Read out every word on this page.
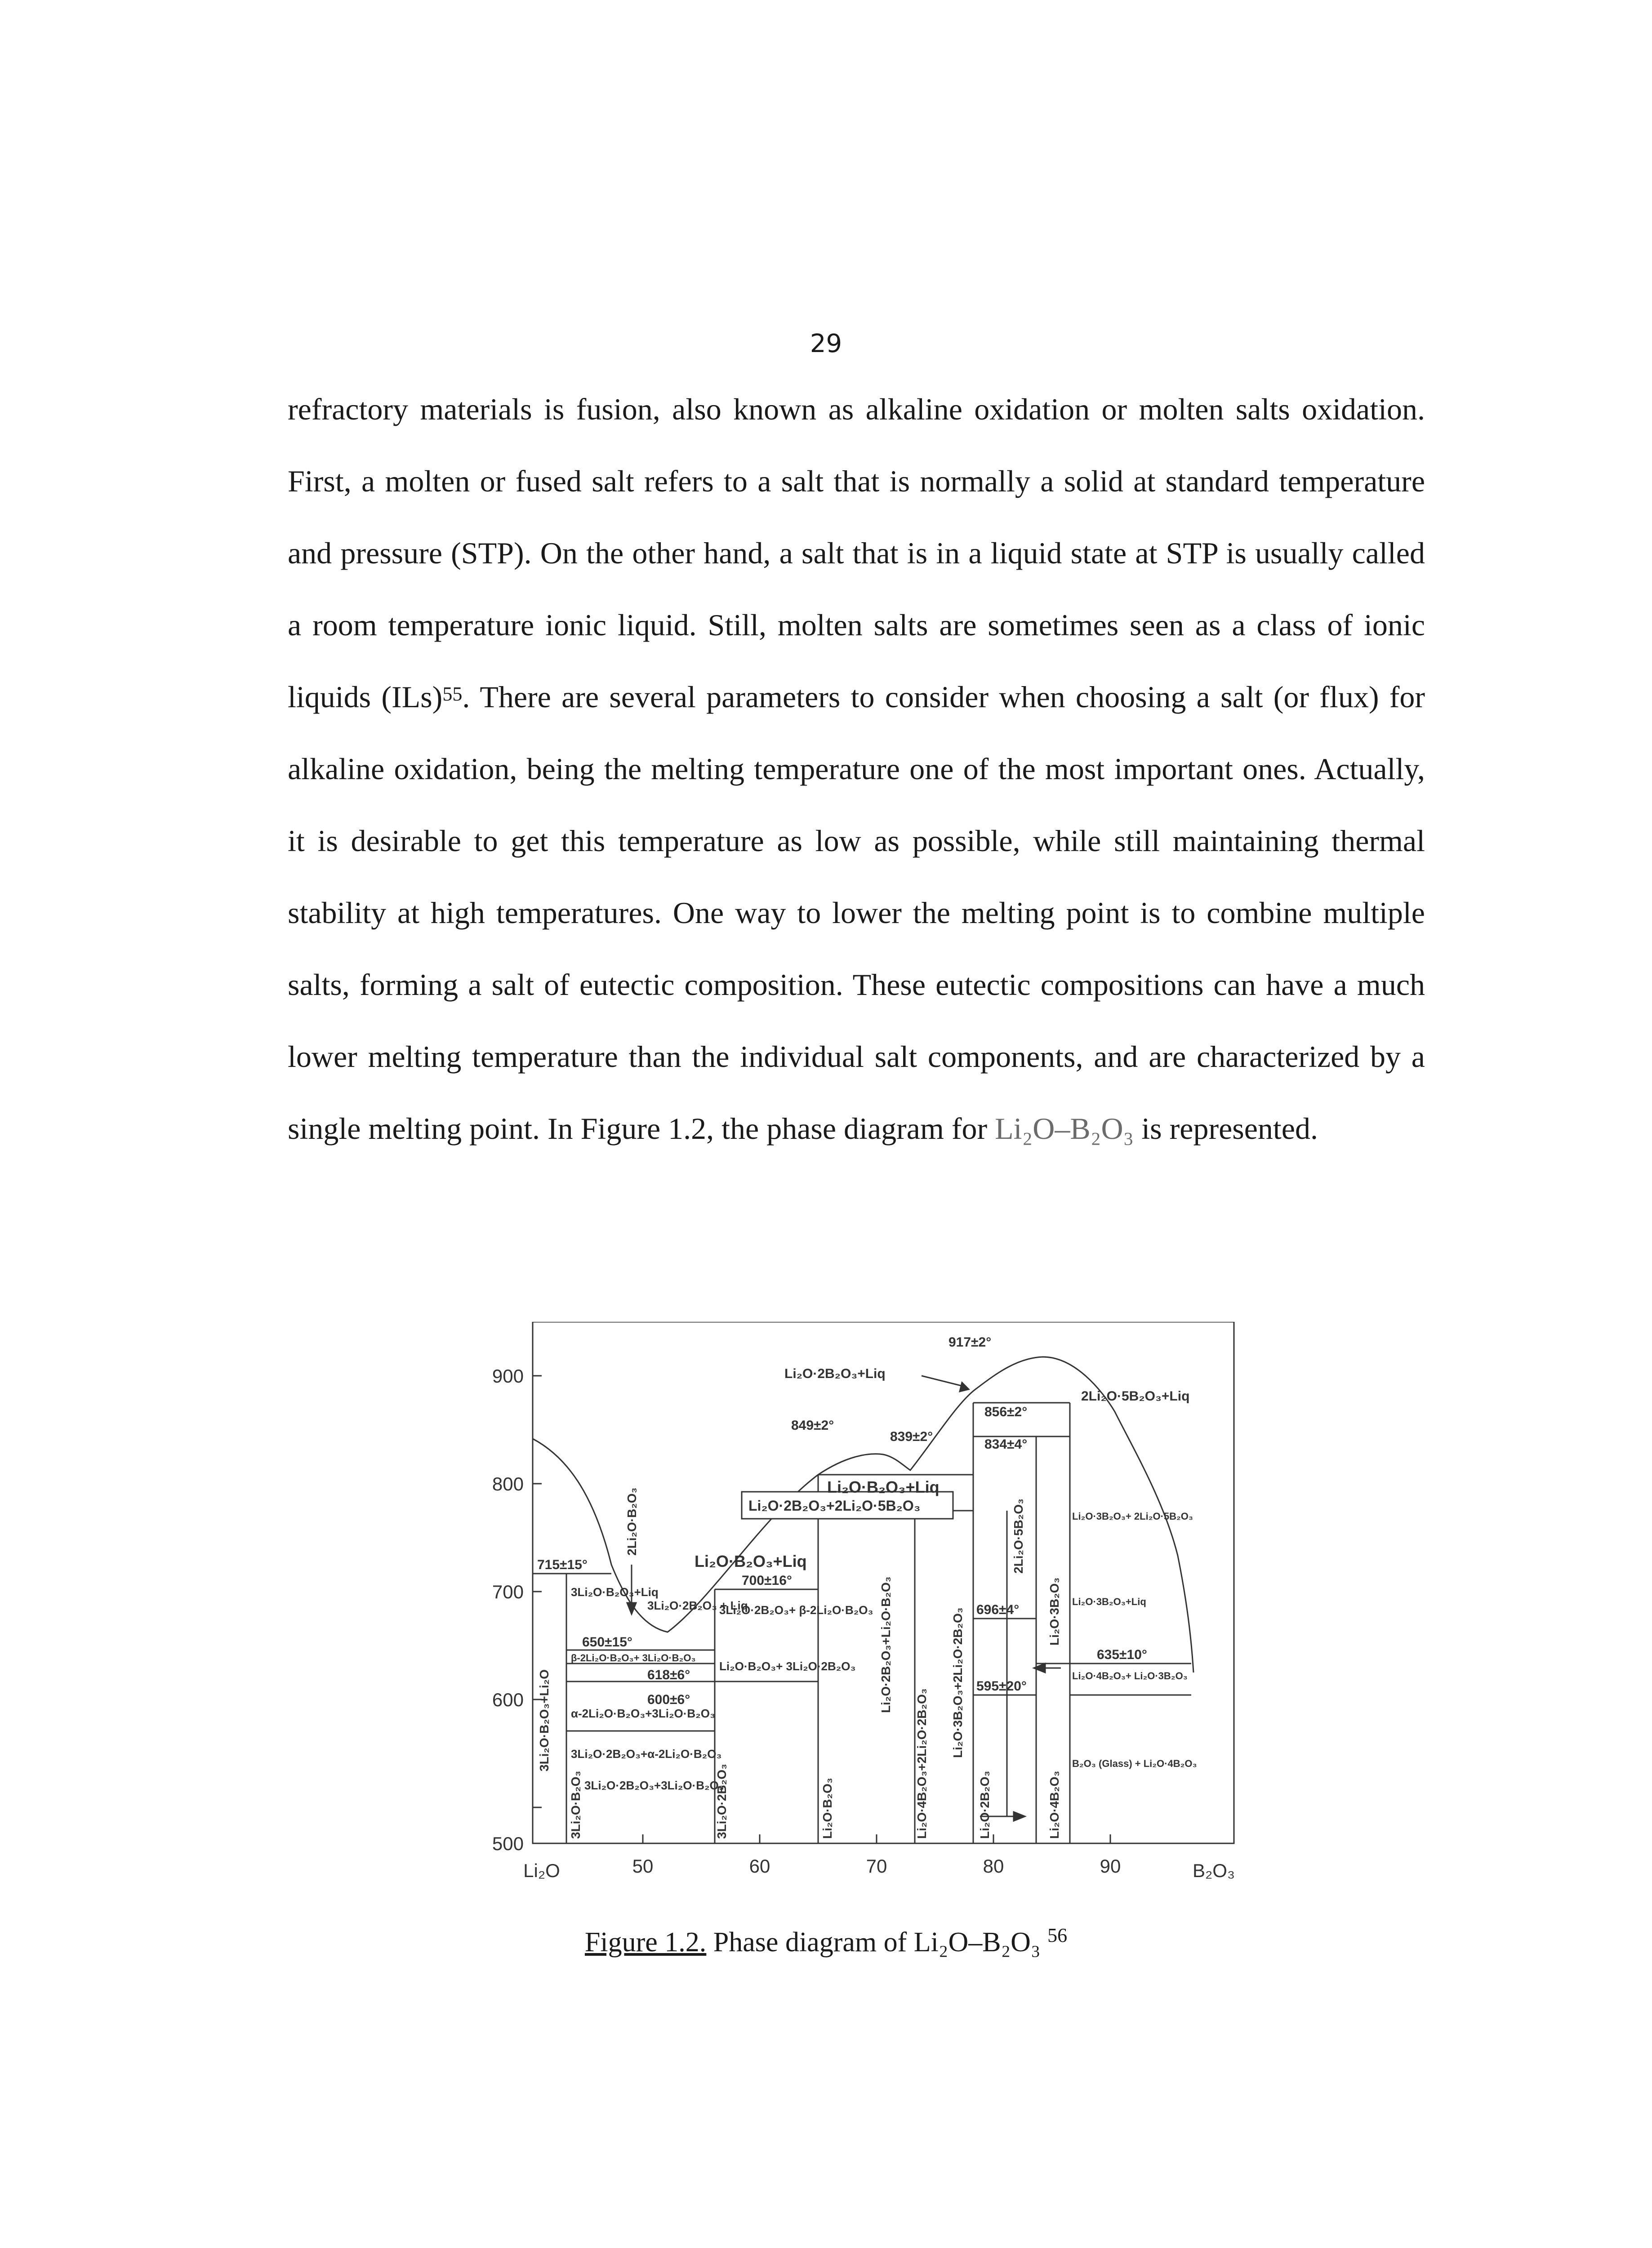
29
refractory materials is fusion, also known as alkaline oxidation or molten salts oxidation.
First, a molten or fused salt refers to a salt that is normally a solid at standard temperature
and pressure (STP). On the other hand, a salt that is in a liquid state at STP is usually called
a room temperature ionic liquid. Still, molten salts are sometimes seen as a class of ionic
liquids (ILs)$^{55}$. There are several parameters to consider when choosing a salt (or flux) for
alkaline oxidation, being the melting temperature one of the most important ones. Actually,
it is desirable to get this temperature as low as possible, while still maintaining thermal
stability at high temperatures. One way to lower the melting point is to combine multiple
salts, forming a salt of eutectic composition. These eutectic compositions can have a much
lower melting temperature than the individual salt components, and are characterized by a
single melting point. In Figure 1.2, the phase diagram for Li₂O–B₂O₃ is represented.
900
800
700
600
500
50	60	70	80	90
Li₂O	B₂O₃
917±2°
849±2°
839±2°
856±2°
834±4°
715±15°
700±16°
650±15°
618±6°
600±6°
696±4°
595±20°
635±10°
Li₂O·2B₂O₃+Liq
2Li₂O·5B₂O₃+Liq
Li₂O·B₂O₃+Liq
Li₂O·2B₂O₃+2Li₂O·5B₂O₃
Li₂O·B₂O₃+Liq
3Li₂O·B₂O₃+Liq
3Li₂O·2B₂O₃ + Liq
3Li₂O·2B₂O₃+ β-2Li₂O·B₂O₃
β-2Li₂O·B₂O₃+ 3Li₂O·B₂O₃
Li₂O·B₂O₃+ 3Li₂O·2B₂O₃
α-2Li₂O·B₂O₃+3Li₂O·B₂O₃
3Li₂O·2B₂O₃+α-2Li₂O·B₂O₃
3Li₂O·2B₂O₃+3Li₂O·B₂O₃
Li₂O·3B₂O₃+ 2Li₂O·5B₂O₃
Li₂O·3B₂O₃+Liq
Li₂O·4B₂O₃+ Li₂O·3B₂O₃
B₂O₃ (Glass) + Li₂O·4B₂O₃
2Li₂O·B₂O₃
3Li₂O·B₂O₃+Li₂O
3Li₂O·B₂O₃	3Li₂O·2B₂O₃	Li₂O·B₂O₃
Li₂O·2B₂O₃+Li₂O·B₂O₃
Li₂O·4B₂O₃+2Li₂O·2B₂O₃
Li₂O·3B₂O₃+2Li₂O·2B₂O₃
Li₂O·2B₂O₃
2Li₂O·5B₂O₃
Li₂O·3B₂O₃
Li₂O·4B₂O₃
Figure 1.2. Phase diagram of Li₂O–B₂O₃ $^{56}$
